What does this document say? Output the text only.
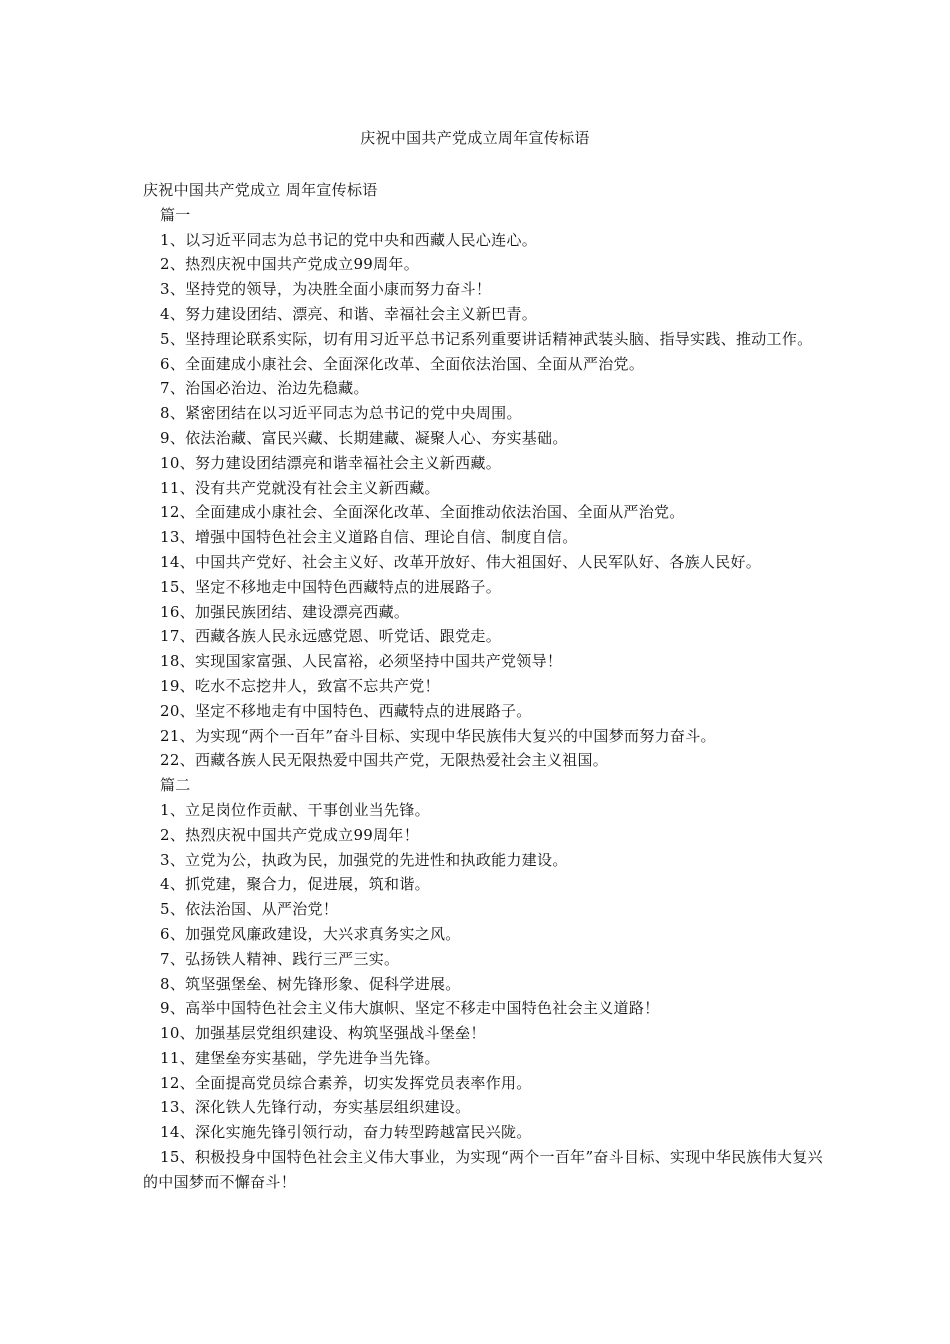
庆祝中国共产党成立周年宣传标语

庆祝中国共产党成立 周年宣传标语

篇一

1、以习近平同志为总书记的党中央和西藏人民心连心。

2、热烈庆祝中国共产党成立99周年。

3、坚持党的领导，为决胜全面小康而努力奋斗！

4、努力建设团结、漂亮、和谐、幸福社会主义新巴青。

5、坚持理论联系实际，切有用习近平总书记系列重要讲话精神武装头脑、指导实践、推动工作。

6、全面建成小康社会、全面深化改革、全面依法治国、全面从严治党。

7、治国必治边、治边先稳藏。

8、紧密团结在以习近平同志为总书记的党中央周围。

9、依法治藏、富民兴藏、长期建藏、凝聚人心、夯实基础。

10、努力建设团结漂亮和谐幸福社会主义新西藏。

11、没有共产党就没有社会主义新西藏。

12、全面建成小康社会、全面深化改革、全面推动依法治国、全面从严治党。

13、增强中国特色社会主义道路自信、理论自信、制度自信。

14、中国共产党好、社会主义好、改革开放好、伟大祖国好、人民军队好、各族人民好。

15、坚定不移地走中国特色西藏特点的进展路子。

16、加强民族团结、建设漂亮西藏。

17、西藏各族人民永远感党恩、听党话、跟党走。

18、实现国家富强、人民富裕，必须坚持中国共产党领导！

19、吃水不忘挖井人，致富不忘共产党！

20、坚定不移地走有中国特色、西藏特点的进展路子。

21、为实现“两个一百年”奋斗目标、实现中华民族伟大复兴的中国梦而努力奋斗。

22、西藏各族人民无限热爱中国共产党，无限热爱社会主义祖国。

篇二

1、立足岗位作贡献、干事创业当先锋。

2、热烈庆祝中国共产党成立99周年！

3、立党为公，执政为民，加强党的先进性和执政能力建设。

4、抓党建，聚合力，促进展，筑和谐。

5、依法治国、从严治党！

6、加强党风廉政建设，大兴求真务实之风。

7、弘扬铁人精神、践行三严三实。

8、筑坚强堡垒、树先锋形象、促科学进展。

9、高举中国特色社会主义伟大旗帜、坚定不移走中国特色社会主义道路！

10、加强基层党组织建设、构筑坚强战斗堡垒！

11、建堡垒夯实基础，学先进争当先锋。

12、全面提高党员综合素养，切实发挥党员表率作用。

13、深化铁人先锋行动，夯实基层组织建设。

14、深化实施先锋引领行动，奋力转型跨越富民兴陇。

15、积极投身中国特色社会主义伟大事业，为实现“两个一百年”奋斗目标、实现中华民族伟大复兴的中国梦而不懈奋斗！
